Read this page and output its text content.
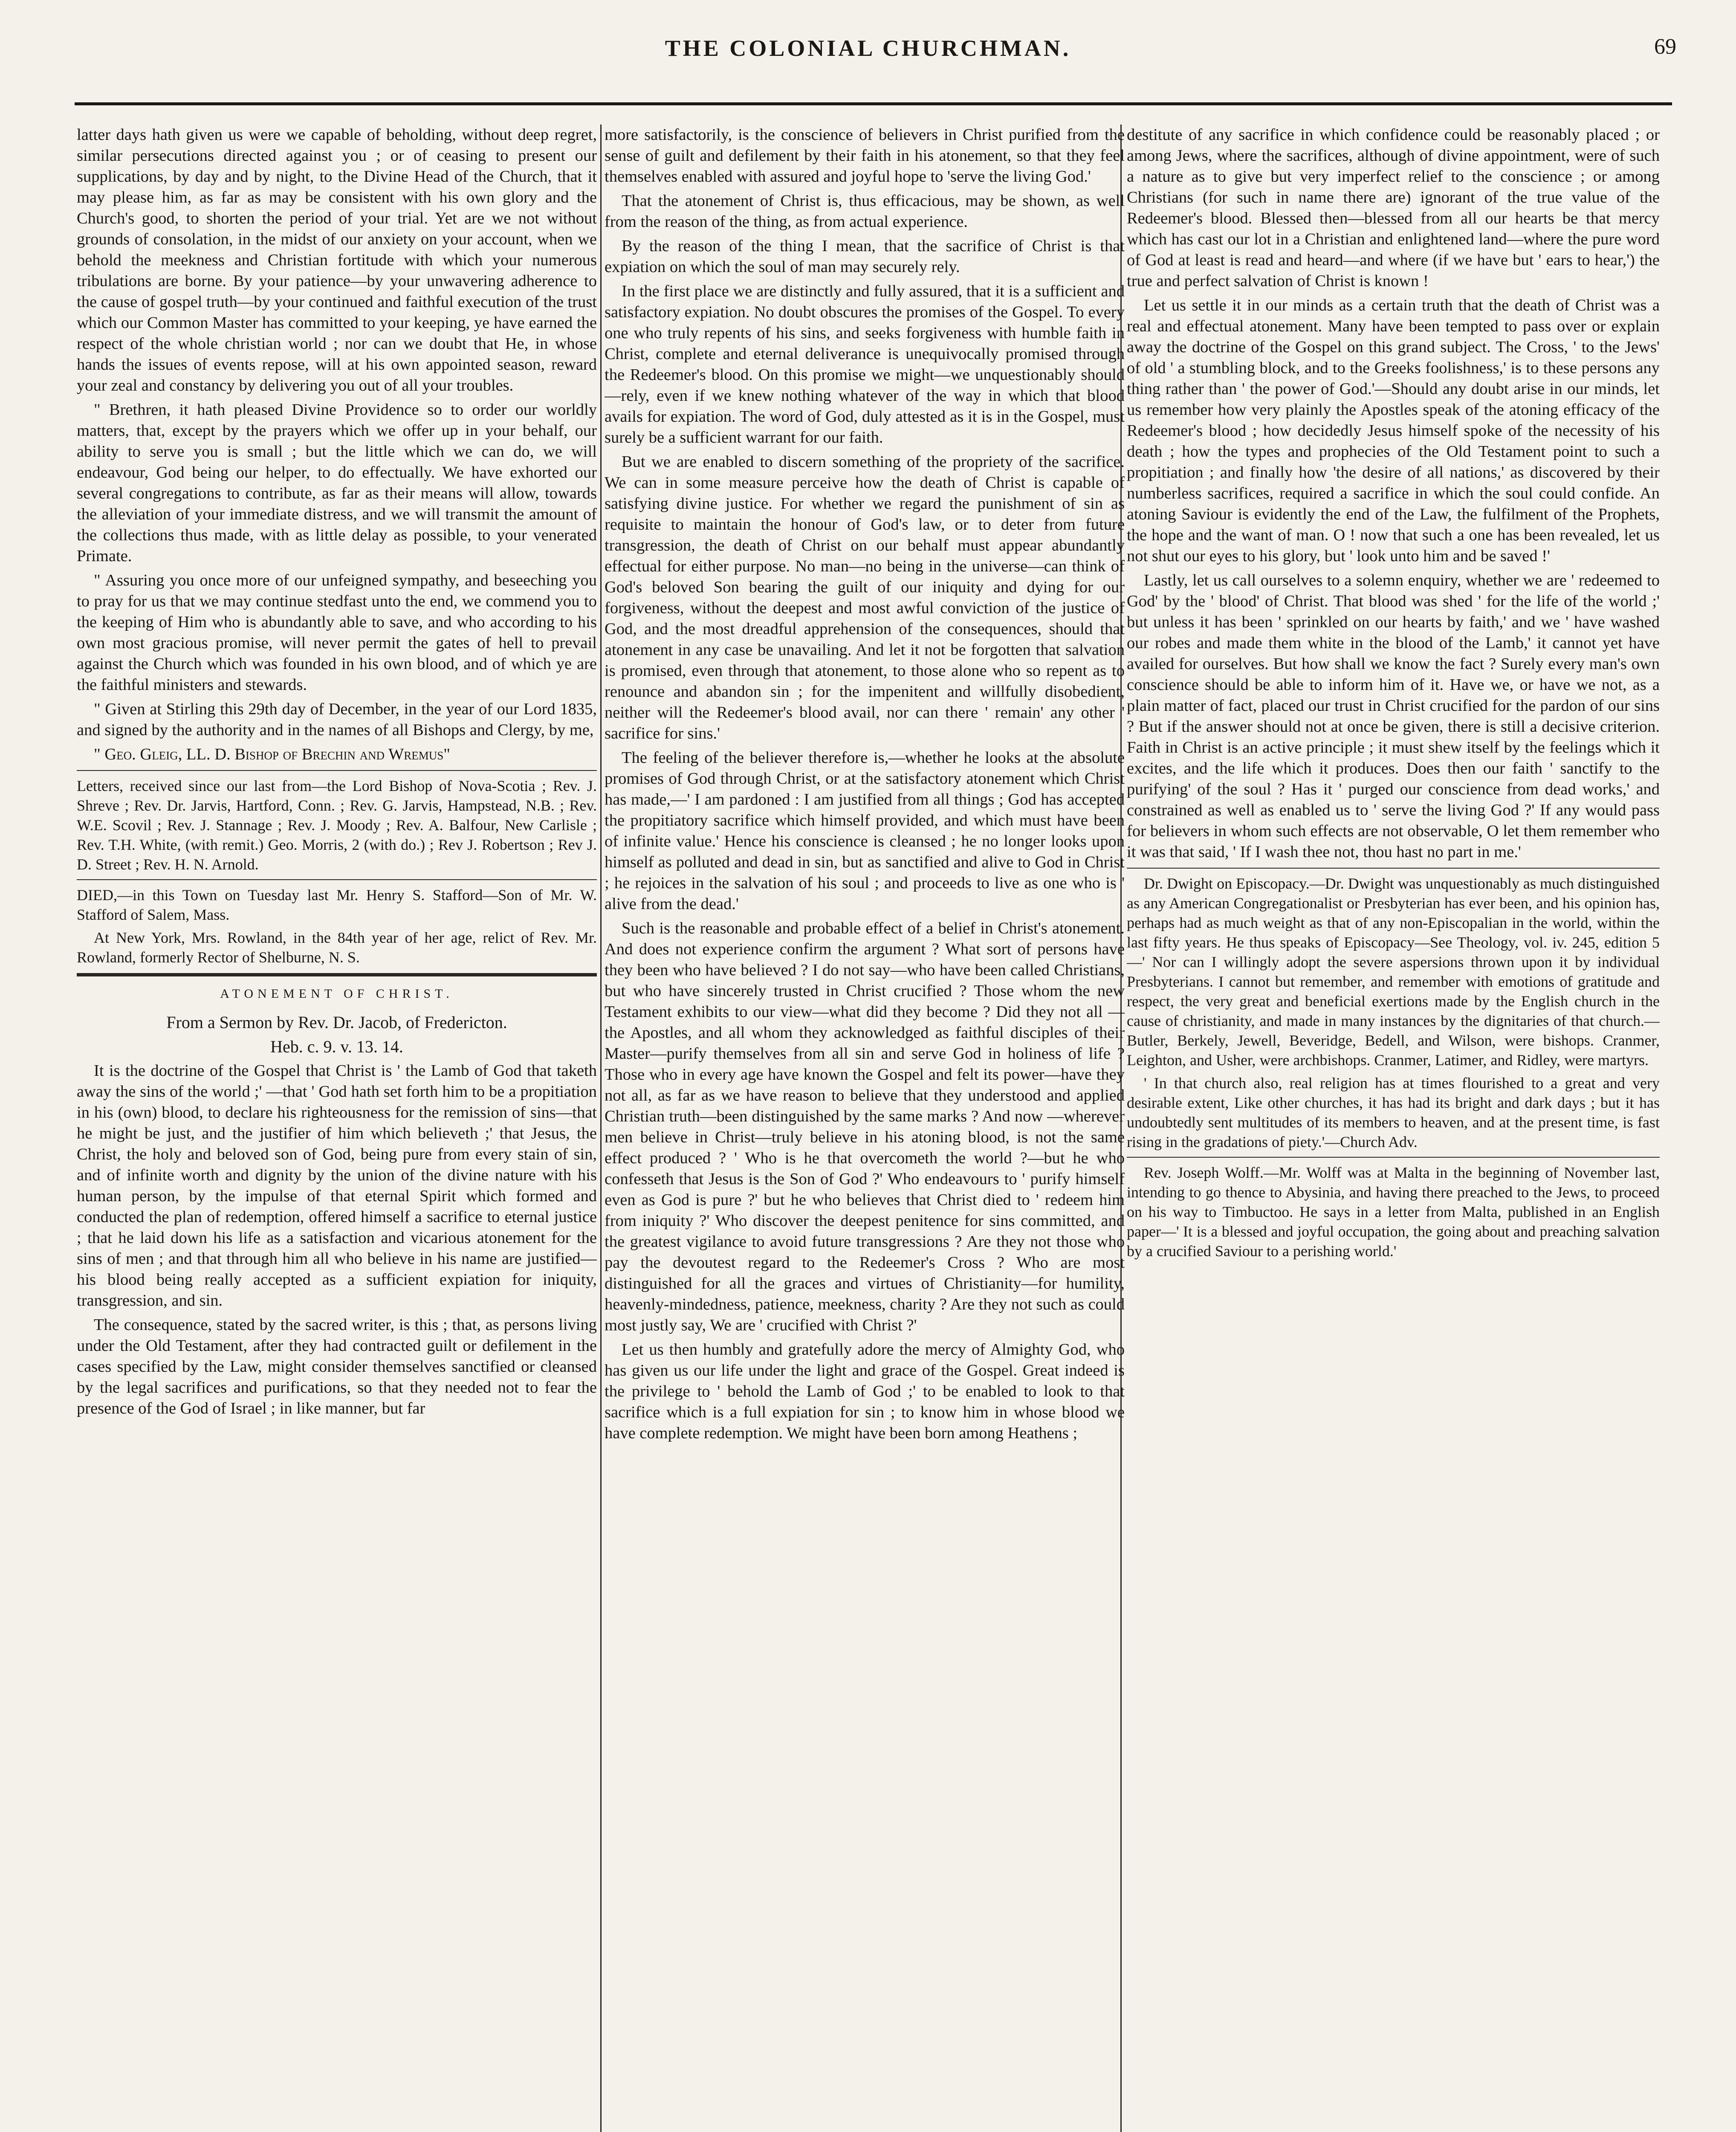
THE COLONIAL CHURCHMAN.	69

latter days hath given us were we capable of beholding, without deep regret, similar persecutions directed against you ; or of ceasing to present our supplications, by day and by night, to the Divine Head of the Church, that it may please him, as far as may be consistent with his own glory and the Church's good, to shorten the period of your trial. Yet are we not without grounds of consolation, in the midst of our anxiety on your account, when we behold the meekness and Christian fortitude with which your numerous tribulations are borne. By your patience—by your unwavering adherence to the cause of gospel truth—by your continued and faithful execution of the trust which our Common Master has committed to your keeping, ye have earned the respect of the whole christian world ; nor can we doubt that He, in whose hands the issues of events repose, will at his own appointed season, reward your zeal and constancy by delivering you out of all your troubles.

" Brethren, it hath pleased Divine Providence so to order our worldly matters, that, except by the prayers which we offer up in your behalf, our ability to serve you is small ; but the little which we can do, we will endeavour, God being our helper, to do effectually. We have exhorted our several congregations to contribute, as far as their means will allow, towards the alleviation of your immediate distress, and we will transmit the amount of the collections thus made, with as little delay as possible, to your venerated Primate.

" Assuring you once more of our unfeigned sympathy, and beseeching you to pray for us that we may continue stedfast unto the end, we commend you to the keeping of Him who is abundantly able to save, and who according to his own most gracious promise, will never permit the gates of hell to prevail against the Church which was founded in his own blood, and of which ye are the faithful ministers and stewards.

" Given at Stirling this 29th day of December, in the year of our Lord 1835, and signed by the authority and in the names of all Bishops and Clergy, by me,

" Geo. Gleig, LL. D. Bishop of Brechin and Wremus"

Letters, received since our last from—the Lord Bishop of Nova-Scotia ; Rev. J. Shreve ; Rev. Dr. Jarvis, Hartford, Conn. ; Rev. G. Jarvis, Hampstead, N.B. ; Rev. W.E. Scovil ; Rev. J. Stannage ; Rev. J. Moody ; Rev. A. Balfour, New Carlisle ; Rev. T.H. White, (with remit.) Geo. Morris, 2 (with do.) ; Rev J. Robertson ; Rev J. D. Street ; Rev. H. N. Arnold.

DIED,—in this Town on Tuesday last Mr. Henry S. Stafford—Son of Mr. W. Stafford of Salem, Mass.

At New York, Mrs. Rowland, in the 84th year of her age, relict of Rev. Mr. Rowland, formerly Rector of Shelburne, N. S.

ATONEMENT OF CHRIST.

From a Sermon by Rev. Dr. Jacob, of Fredericton.

Heb. c. 9. v. 13. 14.

It is the doctrine of the Gospel that Christ is ' the Lamb of God that taketh away the sins of the world ;' —that ' God hath set forth him to be a propitiation in his (own) blood, to declare his righteousness for the remission of sins—that he might be just, and the justifier of him which believeth ;' that Jesus, the Christ, the holy and beloved son of God, being pure from every stain of sin, and of infinite worth and dignity by the union of the divine nature with his human person, by the impulse of that eternal Spirit which formed and conducted the plan of redemption, offered himself a sacrifice to eternal justice ; that he laid down his life as a satisfaction and vicarious atonement for the sins of men ; and that through him all who believe in his name are justified—his blood being really accepted as a sufficient expiation for iniquity, transgression, and sin.

The consequence, stated by the sacred writer, is this ; that, as persons living under the Old Testament, after they had contracted guilt or defilement in the cases specified by the Law, might consider themselves sanctified or cleansed by the legal sacrifices and purifications, so that they needed not to fear the presence of the God of Israel ; in like manner, but far

more satisfactorily, is the conscience of believers in Christ purified from the sense of guilt and defilement by their faith in his atonement, so that they feel themselves enabled with assured and joyful hope to 'serve the living God.'

That the atonement of Christ is, thus efficacious, may be shown, as well from the reason of the thing, as from actual experience.

By the reason of the thing I mean, that the sacrifice of Christ is that expiation on which the soul of man may securely rely.

In the first place we are distinctly and fully assured, that it is a sufficient and satisfactory expiation. No doubt obscures the promises of the Gospel. To every one who truly repents of his sins, and seeks forgiveness with humble faith in Christ, complete and eternal deliverance is unequivocally promised through the Redeemer's blood. On this promise we might—we unquestionably should—rely, even if we knew nothing whatever of the way in which that blood avails for expiation. The word of God, duly attested as it is in the Gospel, must surely be a sufficient warrant for our faith.

But we are enabled to discern something of the propriety of the sacrifice. We can in some measure perceive how the death of Christ is capable of satisfying divine justice. For whether we regard the punishment of sin as requisite to maintain the honour of God's law, or to deter from future transgression, the death of Christ on our behalf must appear abundantly effectual for either purpose. No man—no being in the universe—can think of God's beloved Son bearing the guilt of our iniquity and dying for our forgiveness, without the deepest and most awful conviction of the justice of God, and the most dreadful apprehension of the consequences, should that atonement in any case be unavailing. And let it not be forgotten that salvation is promised, even through that atonement, to those alone who so repent as to renounce and abandon sin ; for the impenitent and willfully disobedient, neither will the Redeemer's blood avail, nor can there ' remain' any other ' sacrifice for sins.'

The feeling of the believer therefore is,—whether he looks at the absolute promises of God through Christ, or at the satisfactory atonement which Christ has made,—' I am pardoned : I am justified from all things ; God has accepted the propitiatory sacrifice which himself provided, and which must have been of infinite value.' Hence his conscience is cleansed ; he no longer looks upon himself as polluted and dead in sin, but as sanctified and alive to God in Christ ; he rejoices in the salvation of his soul ; and proceeds to live as one who is ' alive from the dead.'

Such is the reasonable and probable effect of a belief in Christ's atonement. And does not experience confirm the argument ? What sort of persons have they been who have believed ? I do not say—who have been called Christians, but who have sincerely trusted in Christ crucified ? Those whom the new Testament exhibits to our view—what did they become ? Did they not all —the Apostles, and all whom they acknowledged as faithful disciples of their Master—purify themselves from all sin and serve God in holiness of life ? Those who in every age have known the Gospel and felt its power—have they not all, as far as we have reason to believe that they understood and applied Christian truth—been distinguished by the same marks ? And now —wherever men believe in Christ—truly believe in his atoning blood, is not the same effect produced ? ' Who is he that overcometh the world ?—but he who confesseth that Jesus is the Son of God ?' Who endeavours to ' purify himself even as God is pure ?' but he who believes that Christ died to ' redeem him from iniquity ?' Who discover the deepest penitence for sins committed, and the greatest vigilance to avoid future transgressions ? Are they not those who pay the devoutest regard to the Redeemer's Cross ? Who are most distinguished for all the graces and virtues of Christianity—for humility, heavenly-mindedness, patience, meekness, charity ? Are they not such as could most justly say, We are ' crucified with Christ ?'

Let us then humbly and gratefully adore the mercy of Almighty God, who has given us our life under the light and grace of the Gospel. Great indeed is the privilege to ' behold the Lamb of God ;' to be enabled to look to that sacrifice which is a full expiation for sin ; to know him in whose blood we have complete redemption. We might have been born among Heathens ;

destitute of any sacrifice in which confidence could be reasonably placed ; or among Jews, where the sacrifices, although of divine appointment, were of such a nature as to give but very imperfect relief to the conscience ; or among Christians (for such in name there are) ignorant of the true value of the Redeemer's blood. Blessed then—blessed from all our hearts be that mercy which has cast our lot in a Christian and enlightened land—where the pure word of God at least is read and heard—and where (if we have but ' ears to hear,') the true and perfect salvation of Christ is known !

Let us settle it in our minds as a certain truth that the death of Christ was a real and effectual atonement. Many have been tempted to pass over or explain away the doctrine of the Gospel on this grand subject. The Cross, ' to the Jews' of old ' a stumbling block, and to the Greeks foolishness,' is to these persons any thing rather than ' the power of God.'—Should any doubt arise in our minds, let us remember how very plainly the Apostles speak of the atoning efficacy of the Redeemer's blood ; how decidedly Jesus himself spoke of the necessity of his death ; how the types and prophecies of the Old Testament point to such a propitiation ; and finally how 'the desire of all nations,' as discovered by their numberless sacrifices, required a sacrifice in which the soul could confide. An atoning Saviour is evidently the end of the Law, the fulfilment of the Prophets, the hope and the want of man. O ! now that such a one has been revealed, let us not shut our eyes to his glory, but ' look unto him and be saved !'

Lastly, let us call ourselves to a solemn enquiry, whether we are ' redeemed to God' by the ' blood' of Christ. That blood was shed ' for the life of the world ;' but unless it has been ' sprinkled on our hearts by faith,' and we ' have washed our robes and made them white in the blood of the Lamb,' it cannot yet have availed for ourselves. But how shall we know the fact ? Surely every man's own conscience should be able to inform him of it. Have we, or have we not, as a plain matter of fact, placed our trust in Christ crucified for the pardon of our sins ? But if the answer should not at once be given, there is still a decisive criterion. Faith in Christ is an active principle ; it must shew itself by the feelings which it excites, and the life which it produces. Does then our faith ' sanctify to the purifying' of the soul ? Has it ' purged our conscience from dead works,' and constrained as well as enabled us to ' serve the living God ?' If any would pass for believers in whom such effects are not observable, O let them remember who it was that said, ' If I wash thee not, thou hast no part in me.'

Dr. Dwight on Episcopacy.—Dr. Dwight was unquestionably as much distinguished as any American Congregationalist or Presbyterian has ever been, and his opinion has, perhaps had as much weight as that of any non-Episcopalian in the world, within the last fifty years. He thus speaks of Episcopacy—See Theology, vol. iv. 245, edition 5—' Nor can I willingly adopt the severe aspersions thrown upon it by individual Presbyterians. I cannot but remember, and remember with emotions of gratitude and respect, the very great and beneficial exertions made by the English church in the cause of christianity, and made in many instances by the dignitaries of that church.—Butler, Berkely, Jewell, Beveridge, Bedell, and Wilson, were bishops. Cranmer, Leighton, and Usher, were archbishops. Cranmer, Latimer, and Ridley, were martyrs.

' In that church also, real religion has at times flourished to a great and very desirable extent, Like other churches, it has had its bright and dark days ; but it has undoubtedly sent multitudes of its members to heaven, and at the present time, is fast rising in the gradations of piety.'—Church Adv.

Rev. Joseph Wolff.—Mr. Wolff was at Malta in the beginning of November last, intending to go thence to Abysinia, and having there preached to the Jews, to proceed on his way to Timbuctoo. He says in a letter from Malta, published in an English paper—' It is a blessed and joyful occupation, the going about and preaching salvation by a crucified Saviour to a perishing world.'
